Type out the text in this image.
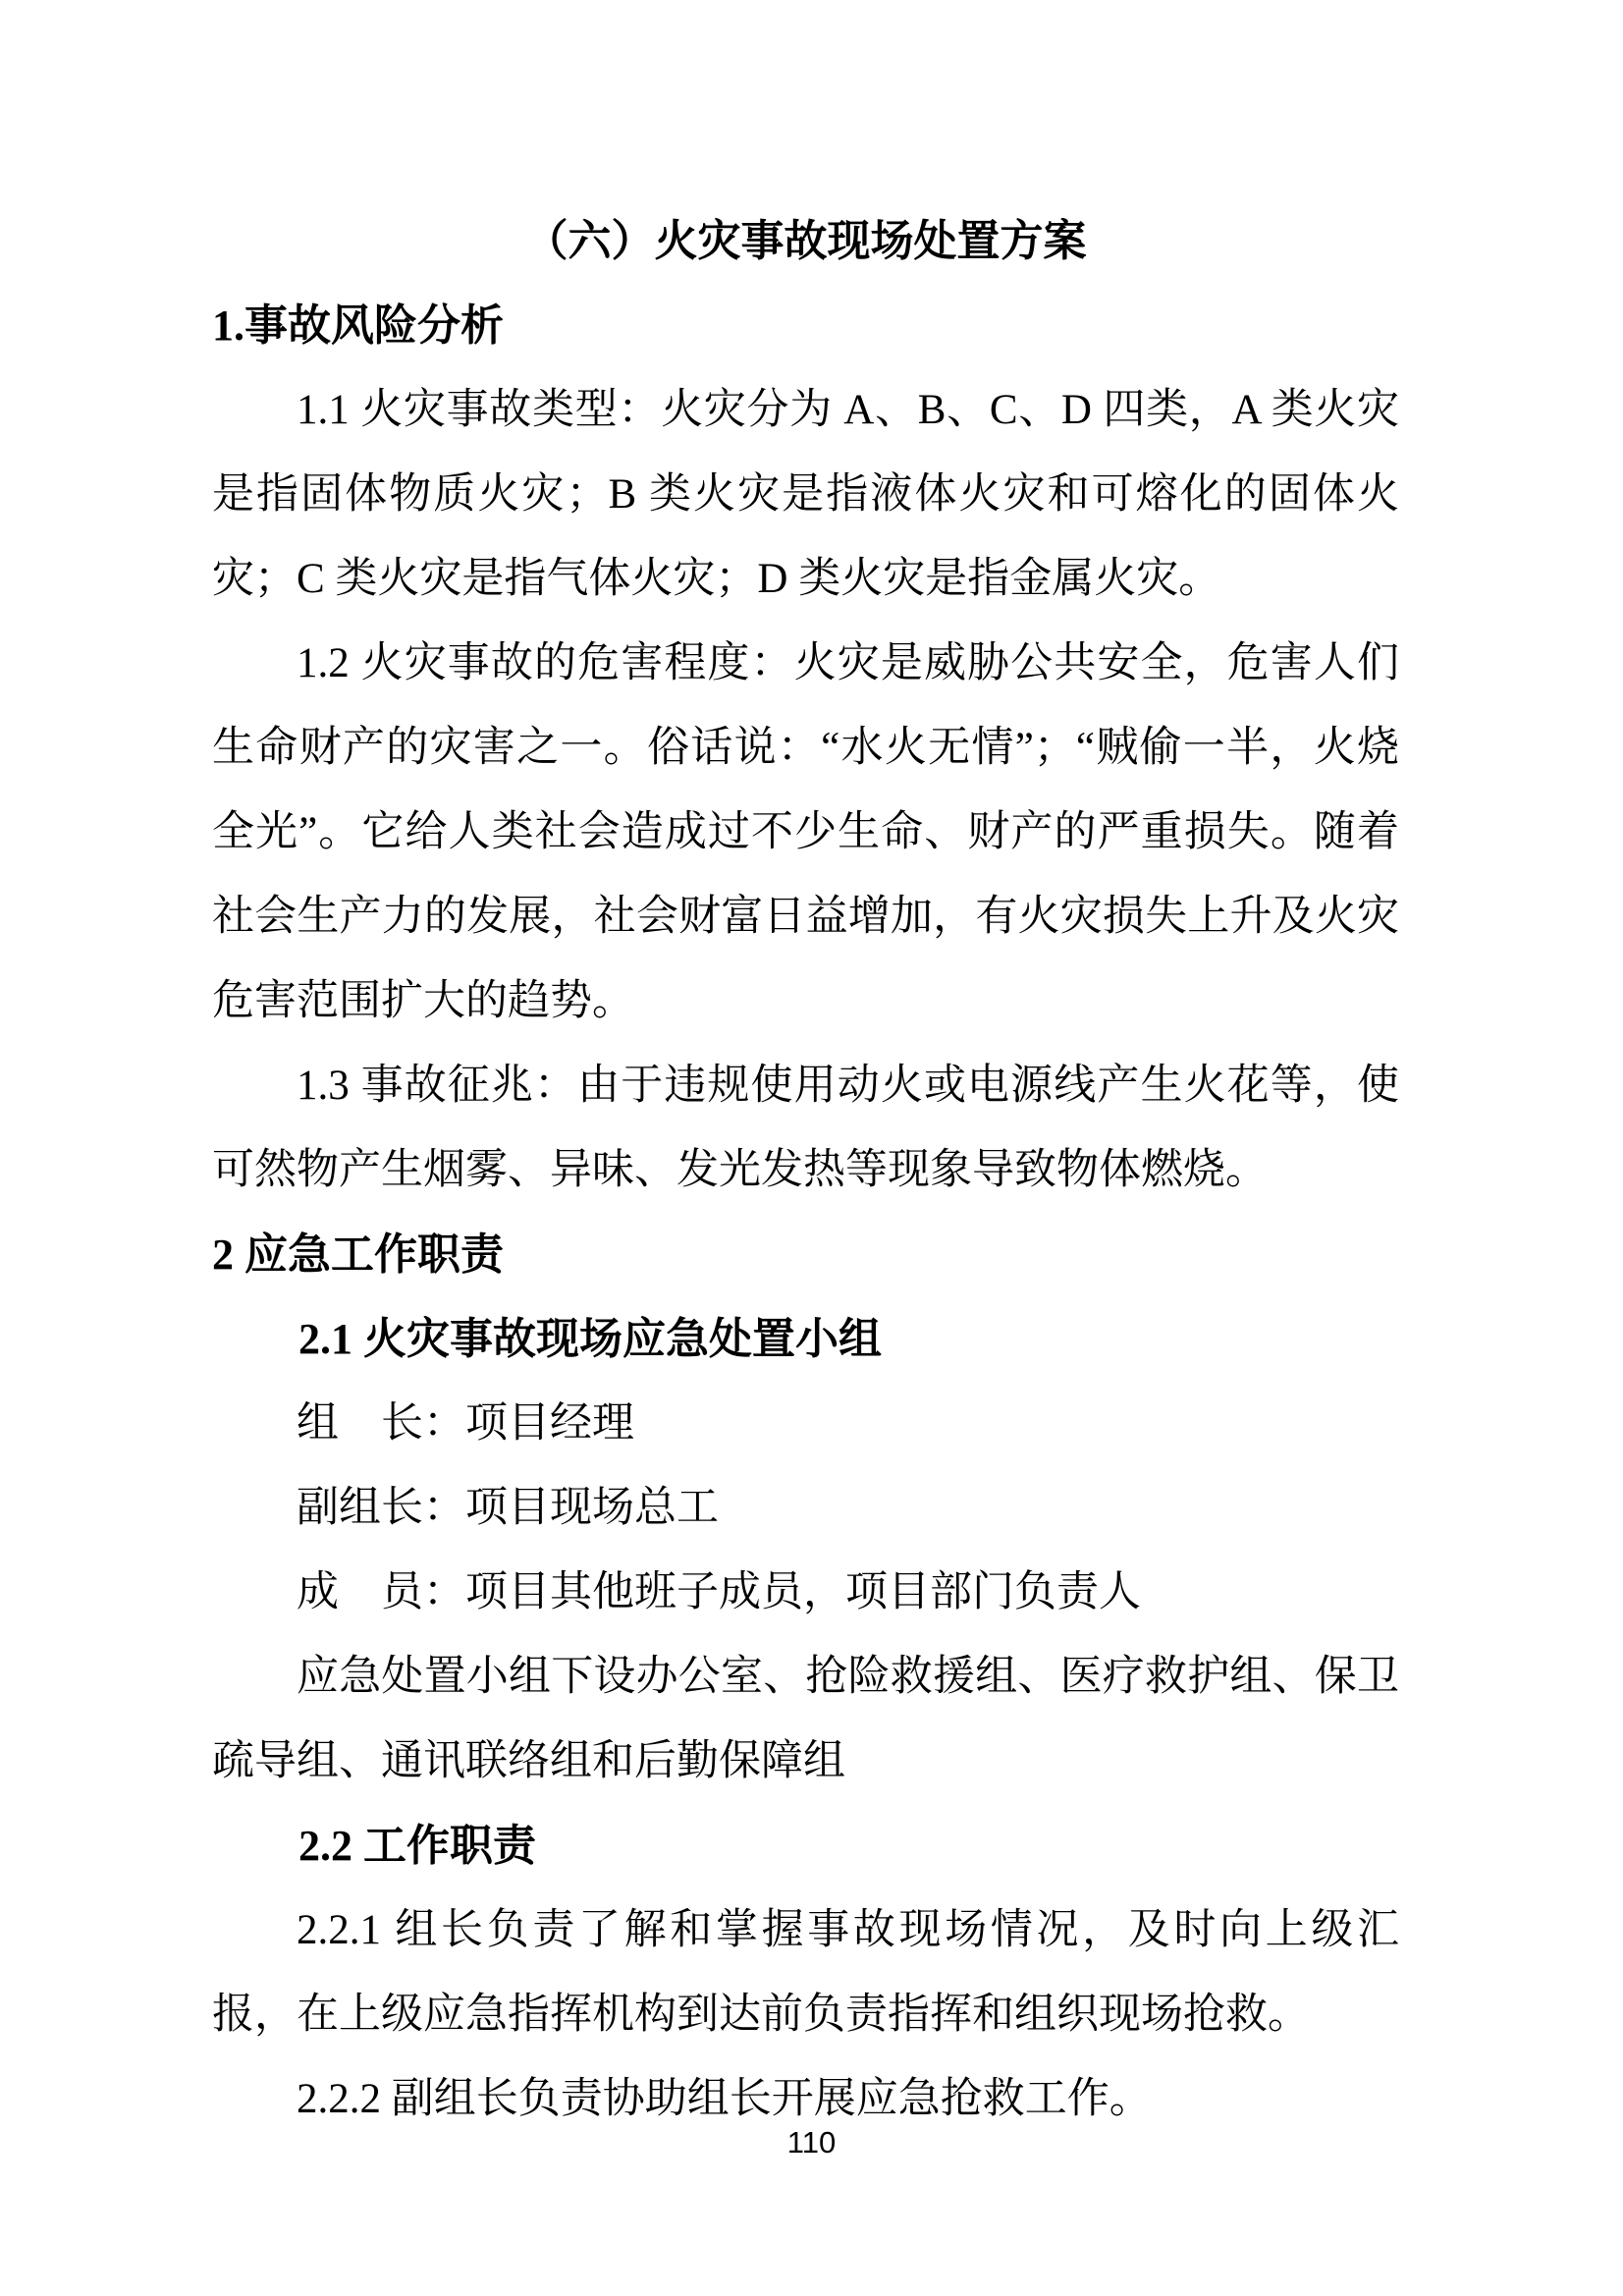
（六）火灾事故现场处置方案

1.事故风险分析

1.1 火灾事故类型：火灾分为 A、B、C、D 四类，A 类火灾是指固体物质火灾；B 类火灾是指液体火灾和可熔化的固体火灾；C 类火灾是指气体火灾；D 类火灾是指金属火灾。

1.2 火灾事故的危害程度：火灾是威胁公共安全，危害人们生命财产的灾害之一。俗话说：“水火无情”；“贼偷一半，火烧全光”。它给人类社会造成过不少生命、财产的严重损失。随着社会生产力的发展，社会财富日益增加，有火灾损失上升及火灾危害范围扩大的趋势。

1.3 事故征兆：由于违规使用动火或电源线产生火花等，使可然物产生烟雾、异味、发光发热等现象导致物体燃烧。

2 应急工作职责

2.1 火灾事故现场应急处置小组

组　长：项目经理

副组长：项目现场总工

成　员：项目其他班子成员，项目部门负责人

应急处置小组下设办公室、抢险救援组、医疗救护组、保卫疏导组、通讯联络组和后勤保障组

2.2 工作职责

2.2.1 组长负责了解和掌握事故现场情况，及时向上级汇报，在上级应急指挥机构到达前负责指挥和组织现场抢救。

2.2.2 副组长负责协助组长开展应急抢救工作。

110
